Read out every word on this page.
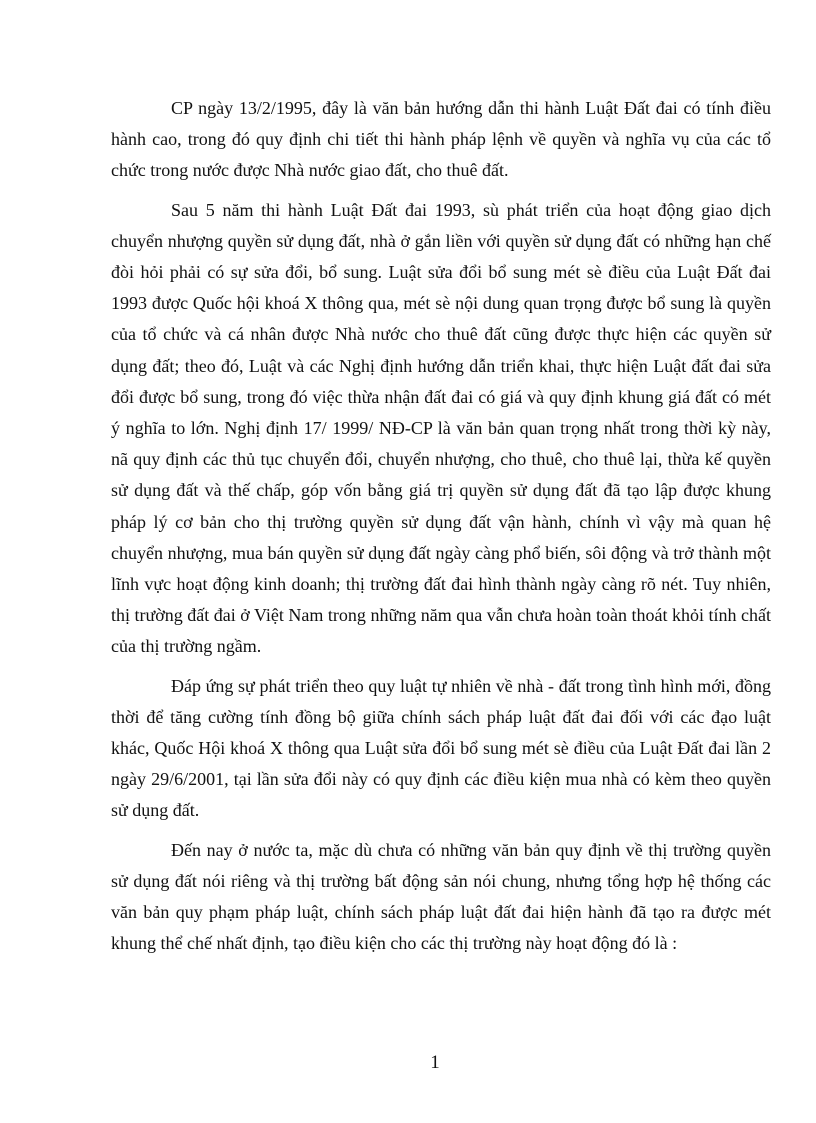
CP ngày 13/2/1995, đây là văn bản hướng dẫn thi hành Luật Đất đai có tính điều hành cao, trong đó quy định chi tiết thi hành pháp lệnh về quyền và nghĩa vụ của các tổ chức trong nước được Nhà nước giao đất, cho thuê đất.

Sau 5 năm thi hành Luật Đất đai 1993, sù phát triển của hoạt động giao dịch chuyển nhượng quyền sử dụng đất, nhà ở gắn liền với quyền sử dụng đất có những hạn chế đòi hỏi phải có sự sửa đổi, bổ sung. Luật sửa đổi bổ sung mét sè điều của Luật Đất đai 1993 được Quốc hội khoá X thông qua, mét sè nội dung quan trọng được bổ sung là quyền của tổ chức và cá nhân được Nhà nước cho thuê đất cũng được thực hiện các quyền sử dụng đất; theo đó, Luật và các Nghị định hướng dẫn triển khai, thực hiện Luật đất đai sửa đổi được bổ sung, trong đó việc thừa nhận đất đai có giá và quy định khung giá đất có mét ý nghĩa to lớn. Nghị định 17/ 1999/ NĐ-CP là văn bản quan trọng nhất trong thời kỳ này, nã quy định các thủ tục chuyển đổi, chuyển nhượng, cho thuê, cho thuê lại, thừa kế quyền sử dụng đất và thế chấp, góp vốn bằng giá trị quyền sử dụng đất đã tạo lập được khung pháp lý cơ bản cho thị trường quyền sử dụng đất vận hành, chính vì vậy mà quan hệ chuyển nhượng, mua bán quyền sử dụng đất ngày càng phổ biến, sôi động và trở thành một lĩnh vực hoạt động kinh doanh; thị trường đất đai hình thành ngày càng rõ nét. Tuy nhiên, thị trường đất đai ở Việt Nam trong những năm qua vẫn chưa hoàn toàn thoát khỏi tính chất của thị trường ngầm.

Đáp ứng sự phát triển theo quy luật tự nhiên về nhà - đất trong tình hình mới, đồng thời để tăng cường tính đồng bộ giữa chính sách pháp luật đất đai đối với các đạo luật khác, Quốc Hội khoá X thông qua Luật sửa đổi bổ sung mét sè điều của Luật Đất đai lần 2 ngày 29/6/2001, tại lần sửa đổi này có quy định các điều kiện mua nhà có kèm theo quyền sử dụng đất.

Đến nay ở nước ta, mặc dù chưa có những văn bản quy định về thị trường quyền sử dụng đất nói riêng và thị trường bất động sản nói chung, nhưng tổng hợp hệ thống các văn bản quy phạm pháp luật, chính sách pháp luật đất đai hiện hành đã tạo ra được mét khung thể chế nhất định, tạo điều kiện cho các thị trường này hoạt động đó là :

1
